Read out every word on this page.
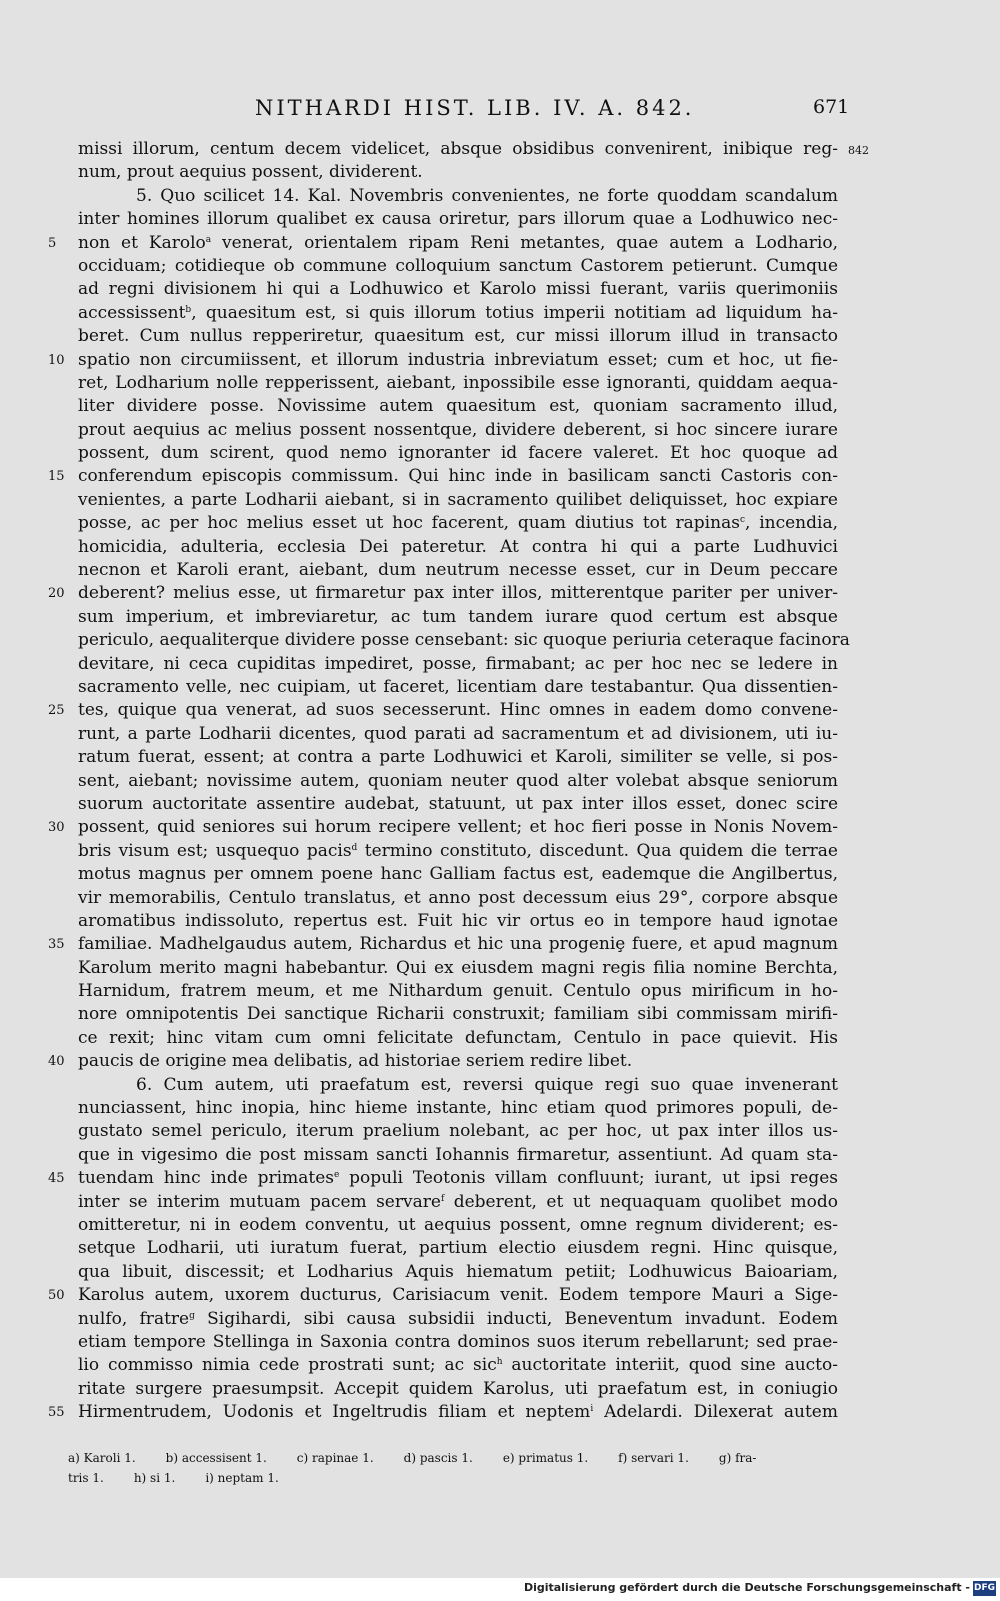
NITHARDI HIST. LIB. IV. A. 842.	671
missi illorum, centum decem videlicet, absque obsidibus convenirent, inibique reg- 842
num, prout aequius possent, dividerent.
5. Quo scilicet 14. Kal. Novembris convenientes, ne forte quoddam scandalum
inter homines illorum qualibet ex causa oriretur, pars illorum quae a Lodhuwico nec-
5	non et Karolo$^a$ venerat, orientalem ripam Reni metantes, quae autem a Lodhario,
occiduam; cotidieque ob commune colloquium sanctum Castorem petierunt. Cumque
ad regni divisionem hi qui a Lodhuwico et Karolo missi fuerant, variis querimoniis
accessissent$^b$, quaesitum est, si quis illorum totius imperii notitiam ad liquidum ha-
beret. Cum nullus repperiretur, quaesitum est, cur missi illorum illud in transacto
10 spatio non circumiissent, et illorum industria inbreviatum esset; cum et hoc, ut fie-
ret, Lodharium nolle repperissent, aiebant, inpossibile esse ignoranti, quiddam aequa-
liter dividere posse. Novissime autem quaesitum est, quoniam sacramento illud,
prout aequius ac melius possent nossentque, dividere deberent, si hoc sincere iurare
possent, dum scirent, quod nemo ignoranter id facere valeret. Et hoc quoque ad
15 conferendum episcopis commissum. Qui hinc inde in basilicam sancti Castoris con-
venientes, a parte Lodharii aiebant, si in sacramento quilibet deliquisset, hoc expiare
posse, ac per hoc melius esset ut hoc facerent, quam diutius tot rapinas$^c$, incendia,
homicidia, adulteria, ecclesia Dei pateretur. At contra hi qui a parte Ludhuvici
necnon et Karoli erant, aiebant, dum neutrum necesse esset, cur in Deum peccare
20 deberent? melius esse, ut firmaretur pax inter illos, mitterentque pariter per univer-
sum imperium, et imbreviaretur, ac tum tandem iurare quod certum est absque
periculo, aequaliterque dividere posse censebant: sic quoque periuria ceteraque facinora
devitare, ni ceca cupiditas impediret, posse, firmabant; ac per hoc nec se ledere in
sacramento velle, nec cuipiam, ut faceret, licentiam dare testabantur. Qua dissentien-
25 tes, quique qua venerat, ad suos secesserunt. Hinc omnes in eadem domo convene-
runt, a parte Lodharii dicentes, quod parati ad sacramentum et ad divisionem, uti iu-
ratum fuerat, essent; at contra a parte Lodhuwici et Karoli, similiter se velle, si pos-
sent, aiebant; novissime autem, quoniam neuter quod alter volebat absque seniorum
suorum auctoritate assentire audebat, statuunt, ut pax inter illos esset, donec scire
30 possent, quid seniores sui horum recipere vellent; et hoc fieri posse in Nonis Novem-
bris visum est; usquequo pacis$^d$ termino constituto, discedunt. Qua quidem die terrae
motus magnus per omnem poene hanc Galliam factus est, eademque die Angilbertus,
vir memorabilis, Centulo translatus, et anno post decessum eius 29°, corpore absque
aromatibus indissoluto, repertus est. Fuit hic vir ortus eo in tempore haud ignotae
35 familiae. Madhelgaudus autem, Richardus et hic una progeniȩ fuere, et apud magnum
Karolum merito magni habebantur. Qui ex eiusdem magni regis filia nomine Berchta,
Harnidum, fratrem meum, et me Nithardum genuit. Centulo opus mirificum in ho-
nore omnipotentis Dei sanctique Richarii construxit; familiam sibi commissam mirifi-
ce rexit; hinc vitam cum omni felicitate defunctam, Centulo in pace quievit. His
40 paucis de origine mea delibatis, ad historiae seriem redire libet.
6. Cum autem, uti praefatum est, reversi quique regi suo quae invenerant
nunciassent, hinc inopia, hinc hieme instante, hinc etiam quod primores populi, de-
gustato semel periculo, iterum praelium nolebant, ac per hoc, ut pax inter illos us-
que in vigesimo die post missam sancti Iohannis firmaretur, assentiunt. Ad quam sta-
45 tuendam hinc inde primates$^e$ populi Teotonis villam confluunt; iurant, ut ipsi reges
inter se interim mutuam pacem servare$^f$ deberent, et ut nequaquam quolibet modo
omitteretur, ni in eodem conventu, ut aequius possent, omne regnum dividerent; es-
setque Lodharii, uti iuratum fuerat, partium electio eiusdem regni. Hinc quisque,
qua libuit, discessit; et Lodharius Aquis hiematum petiit; Lodhuwicus Baioariam,
50 Karolus autem, uxorem ducturus, Carisiacum venit. Eodem tempore Mauri a Sige-
nulfo, fratre$^g$ Sigihardi, sibi causa subsidii inducti, Beneventum invadunt. Eodem
etiam tempore Stellinga in Saxonia contra dominos suos iterum rebellarunt; sed prae-
lio commisso nimia cede prostrati sunt; ac sic$^h$ auctoritate interiit, quod sine aucto-
ritate surgere praesumpsit. Accepit quidem Karolus, uti praefatum est, in coniugio
55 Hirmentrudem, Uodonis et Ingeltrudis filiam et neptem$^i$ Adelardi. Dilexerat autem
a) Karoli 1.	b) accessisent 1.	c) rapinae 1.	d) pascis 1.	e) primatus 1.	f) servari 1.	g) fra-
tris 1.	h) si 1.	i) neptam 1.
Digitalisierung gefördert durch die Deutsche Forschungsgemeinschaft - DFG
